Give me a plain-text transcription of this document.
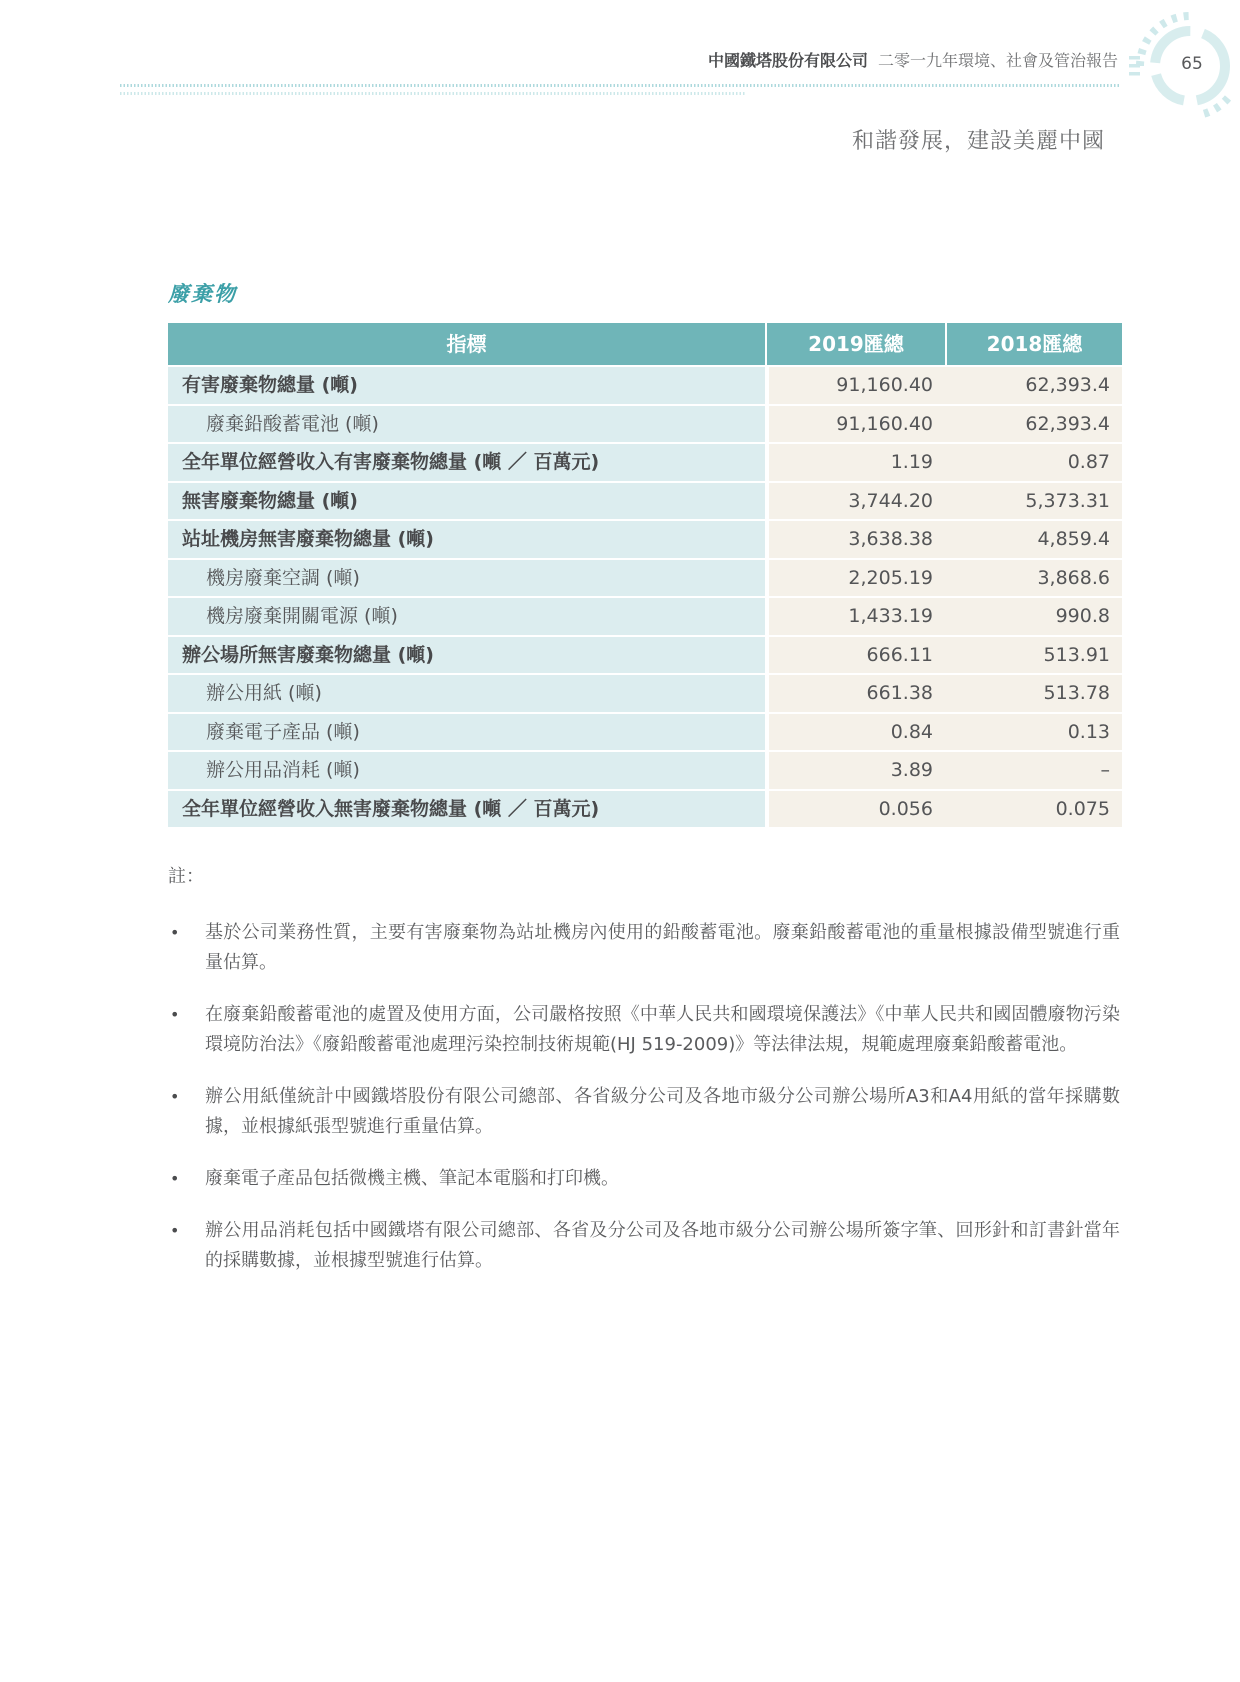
中國鐵塔股份有限公司 二零一九年環境、社會及管治報告	65
和諧發展，建設美麗中國
廢棄物
指標	2019匯總	2018匯總
有害廢棄物總量 (噸)	91,160.40	62,393.4
廢棄鉛酸蓄電池 (噸)	91,160.40	62,393.4
全年單位經營收入有害廢棄物總量 (噸 ／ 百萬元)	1.19	0.87
無害廢棄物總量 (噸)	3,744.20	5,373.31
站址機房無害廢棄物總量 (噸)	3,638.38	4,859.4
機房廢棄空調 (噸)	2,205.19	3,868.6
機房廢棄開關電源 (噸)	1,433.19	990.8
辦公場所無害廢棄物總量 (噸)	666.11	513.91
辦公用紙 (噸)	661.38	513.78
廢棄電子產品 (噸)	0.84	0.13
辦公用品消耗 (噸)	3.89	–
全年單位經營收入無害廢棄物總量 (噸 ／ 百萬元)	0.056	0.075
註：
• 基於公司業務性質，主要有害廢棄物為站址機房內使用的鉛酸蓄電池。廢棄鉛酸蓄電池的重量根據設備型號進行重量估算。
• 在廢棄鉛酸蓄電池的處置及使用方面，公司嚴格按照《中華人民共和國環境保護法》《中華人民共和國固體廢物污染環境防治法》《廢鉛酸蓄電池處理污染控制技術規範(HJ 519-2009)》等法律法規，規範處理廢棄鉛酸蓄電池。
• 辦公用紙僅統計中國鐵塔股份有限公司總部、各省級分公司及各地市級分公司辦公場所A3和A4用紙的當年採購數據，並根據紙張型號進行重量估算。
• 廢棄電子產品包括微機主機、筆記本電腦和打印機。
• 辦公用品消耗包括中國鐵塔有限公司總部、各省及分公司及各地市級分公司辦公場所簽字筆、回形針和訂書針當年的採購數據，並根據型號進行估算。
